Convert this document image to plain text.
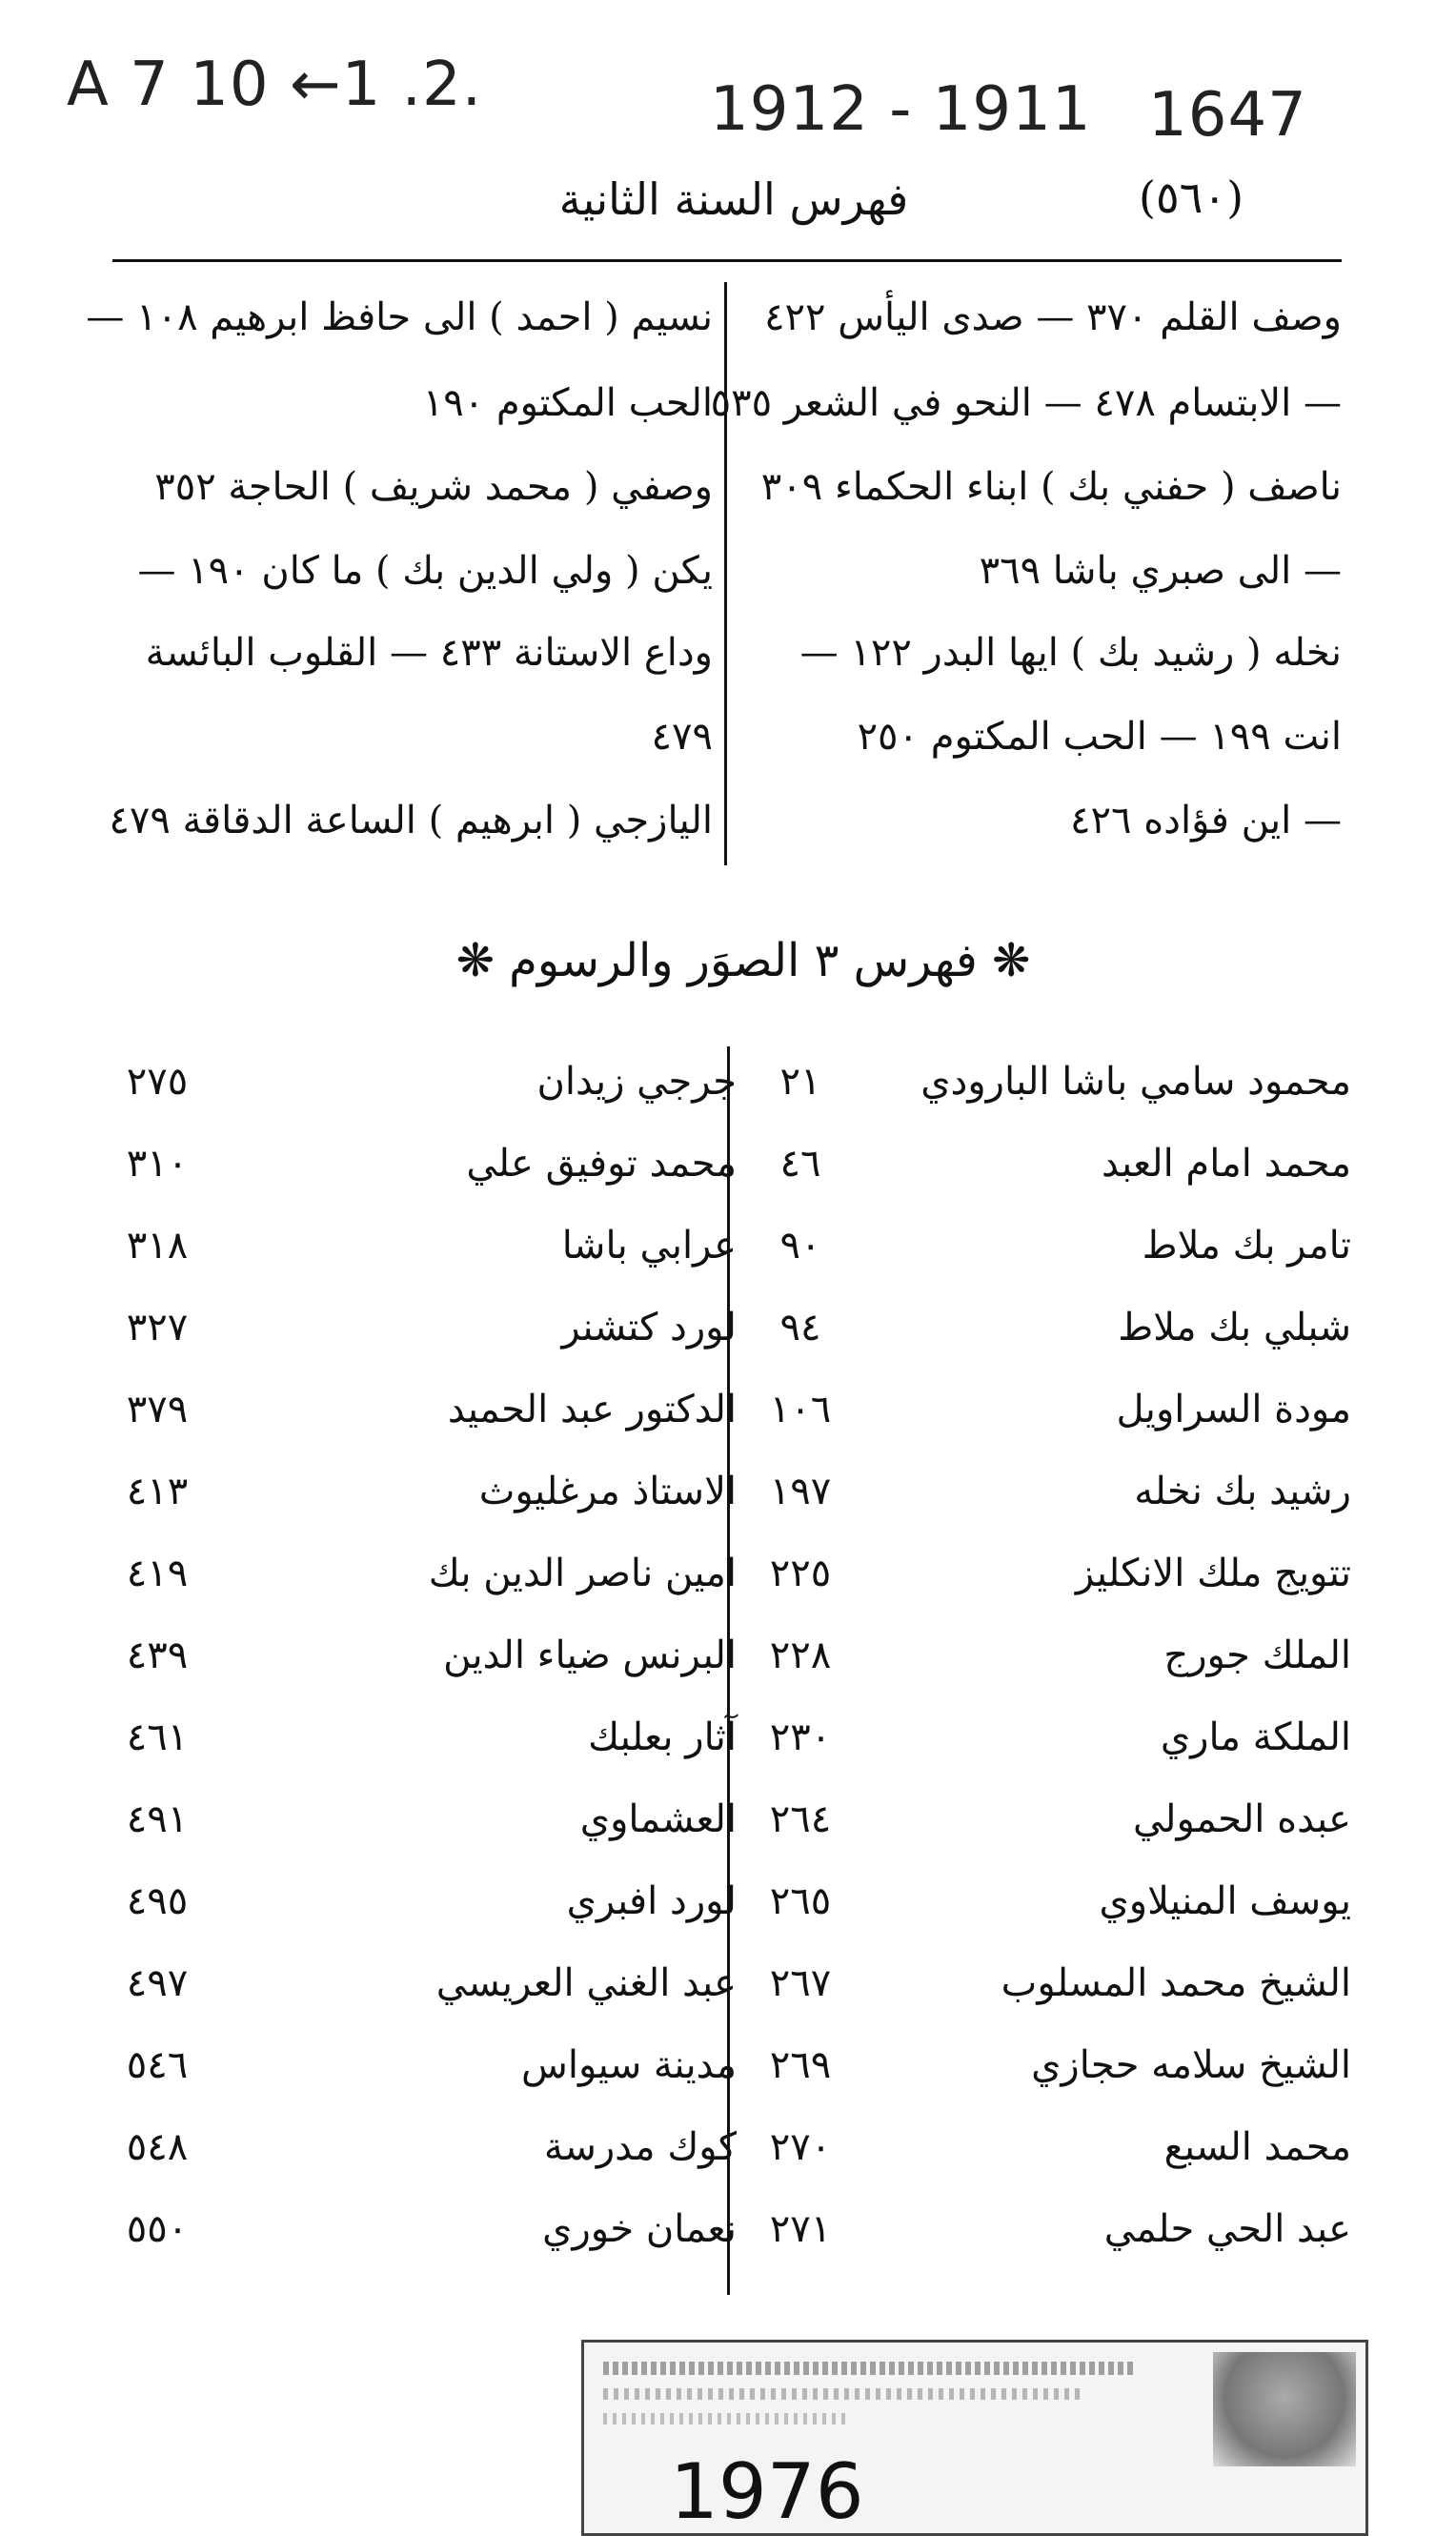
A 7 10 ←1 .2.	1912 - 1911 1647
فهرس السنة الثانية	(٥٦٠)
وصف القلم ٣٧٠ — صدى اليأس ٤٢٢
— الابتسام ٤٧٨ — النحو في الشعر ٥٣٥
ناصف ( حفني بك ) ابناء الحكماء ٣٠٩
— الى صبري باشا ٣٦٩
نخله ( رشيد بك ) ايها البدر ١٢٢ —
انت ١٩٩ — الحب المكتوم ٢٥٠
— اين فؤاده ٤٢٦
نسيم ( احمد ) الى حافظ ابرهيم ١٠٨ —
الحب المكتوم ١٩٠
وصفي ( محمد شريف ) الحاجة ٣٥٢
يكن ( ولي الدين بك ) ما كان ١٩٠ —
وداع الاستانة ٤٣٣ — القلوب البائسة
٤٧٩
اليازجي ( ابرهيم ) الساعة الدقاقة ٤٧٩
❋ فهرس ٣ الصوَر والرسوم ❋
محمود سامي باشا البارودي
٢١
جرجي زيدان
٢٧٥
محمد امام العبد
٤٦
محمد توفيق علي
٣١٠
تامر بك ملاط
٩٠
عرابي باشا
٣١٨
شبلي بك ملاط
٩٤
لورد كتشنر
٣٢٧
مودة السراويل
١٠٦
الدكتور عبد الحميد
٣٧٩
رشيد بك نخله
١٩٧
الاستاذ مرغليوث
٤١٣
تتويج ملك الانكليز
٢٢٥
امين ناصر الدين بك
٤١٩
الملك جورج
٢٢٨
البرنس ضياء الدين
٤٣٩
الملكة ماري
٢٣٠
آثار بعلبك
٤٦١
عبده الحمولي
٢٦٤
العشماوي
٤٩١
يوسف المنيلاوي
٢٦٥
لورد افبري
٤٩٥
الشيخ محمد المسلوب
٢٦٧
عبد الغني العريسي
٤٩٧
الشيخ سلامه حجازي
٢٦٩
مدينة سيواس
٥٤٦
محمد السبع
٢٧٠
كوك مدرسة
٥٤٨
عبد الحي حلمي
٢٧١
نعمان خوري
٥٥٠
1976
